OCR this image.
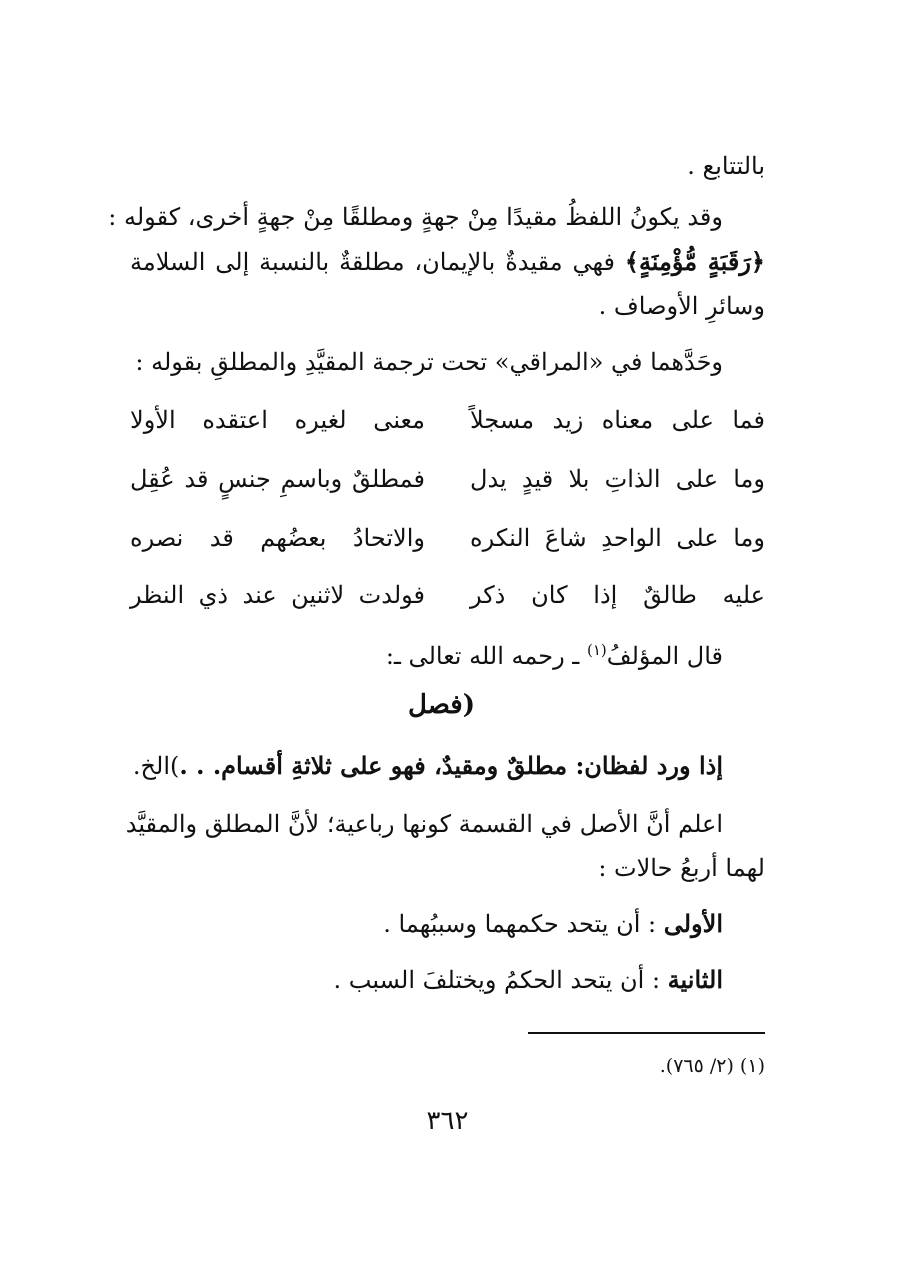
بالتتابع .
وقد يكونُ اللفظُ مقيدًا مِنْ جهةٍ ومطلقًا مِنْ جهةٍ أخرى، كقوله :
﴿رَقَبَةٍ مُّؤْمِنَةٍ﴾ فهي مقيدةٌ بالإيمان، مطلقةٌ بالنسبة إلى السلامة
وسائرِ الأوصاف .
وحَدَّهما في «المراقي» تحت ترجمة المقيَّدِ والمطلقِ بقوله :
فما على معناه زيد مسجلاً
معنى لغيره اعتقده الأولا
وما على الذاتِ بلا قيدٍ يدل
فمطلقٌ وباسمِ جنسٍ قد عُقِل
وما على الواحدِ شاعَ النكره
والاتحادُ بعضُهم قد نصره
عليه طالقٌ إذا كان ذكر
فولدت لاثنين عند ذي النظر
قال المؤلفُ$^{(١)}$ ـ رحمه الله تعالى ـ:
(فصل
إذا ورد لفظان: مطلقٌ ومقيدٌ، فهو على ثلاثةِ أقسام. . .)الخ.
اعلم أنَّ الأصل في القسمة كونها رباعية؛ لأنَّ المطلق والمقيَّد
لهما أربعُ حالات :
الأولى : أن يتحد حكمهما وسببُهما .
الثانية : أن يتحد الحكمُ ويختلفَ السبب .
(١) (٢/ ٧٦٥).
٣٦٢
